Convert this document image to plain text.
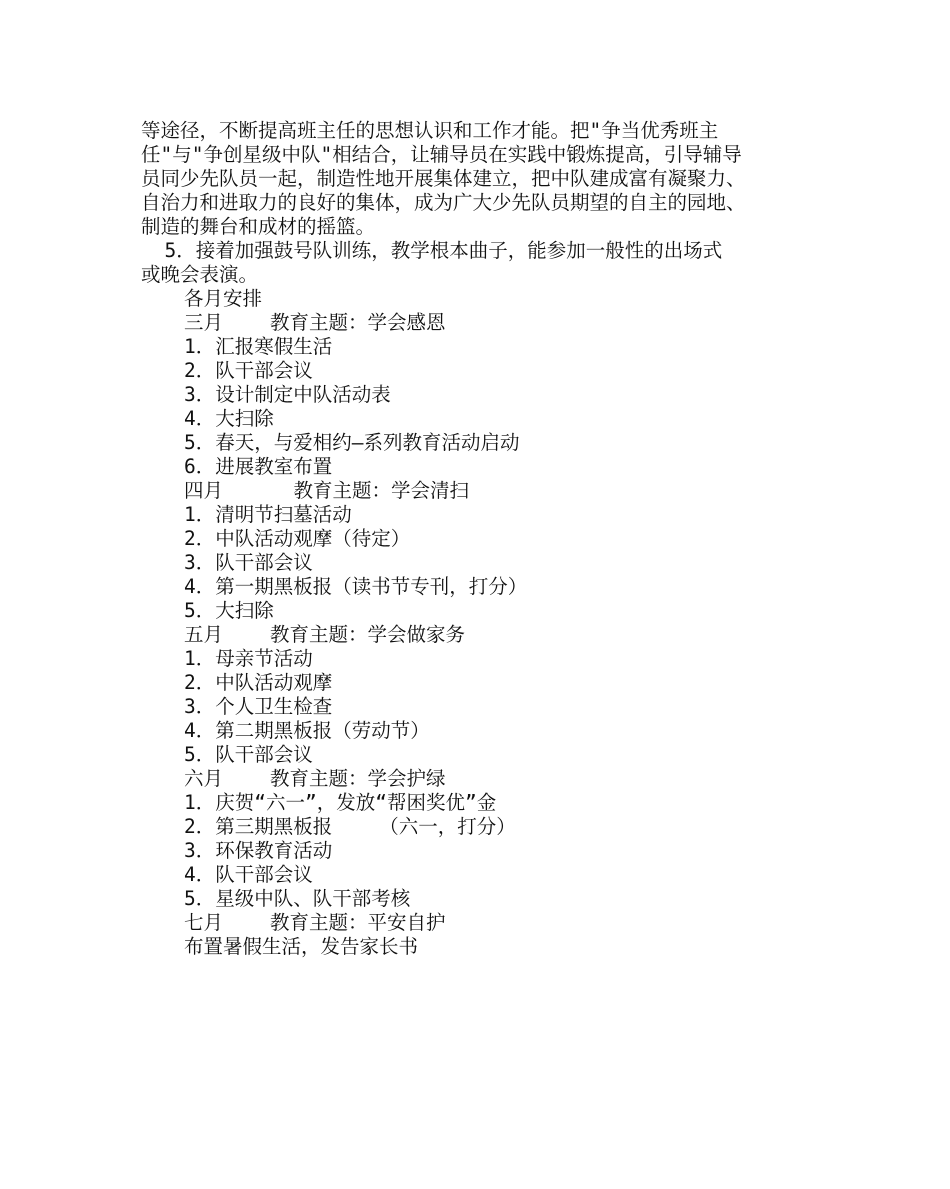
等途径，不断提高班主任的思想认识和工作才能。把"争当优秀班主
任"与"争创星级中队"相结合，让辅导员在实践中锻炼提高，引导辅导
员同少先队员一起，制造性地开展集体建立，把中队建成富有凝聚力、
自治力和进取力的良好的集体，成为广大少先队员期望的自主的园地、
制造的舞台和成材的摇篮。

5．接着加强鼓号队训练，教学根本曲子，能参加一般性的出场式
或晚会表演。

各月安排
三月    教育主题：学会感恩
1．汇报寒假生活
2．队干部会议
3．设计制定中队活动表
4．大扫除
5．春天，与爱相约–系列教育活动启动
6．进展教室布置
四月      教育主题：学会清扫
1．清明节扫墓活动
2．中队活动观摩（待定）
3．队干部会议
4．第一期黑板报（读书节专刊，打分）
5．大扫除
五月    教育主题：学会做家务
1．母亲节活动
2．中队活动观摩
3．个人卫生检查
4．第二期黑板报（劳动节）
5．队干部会议
六月    教育主题：学会护绿
1．庆贺“六一”，发放“帮困奖优”金
2．第三期黑板报    （六一，打分）
3．环保教育活动
4．队干部会议
5．星级中队、队干部考核
七月    教育主题：平安自护
布置暑假生活，发告家长书
